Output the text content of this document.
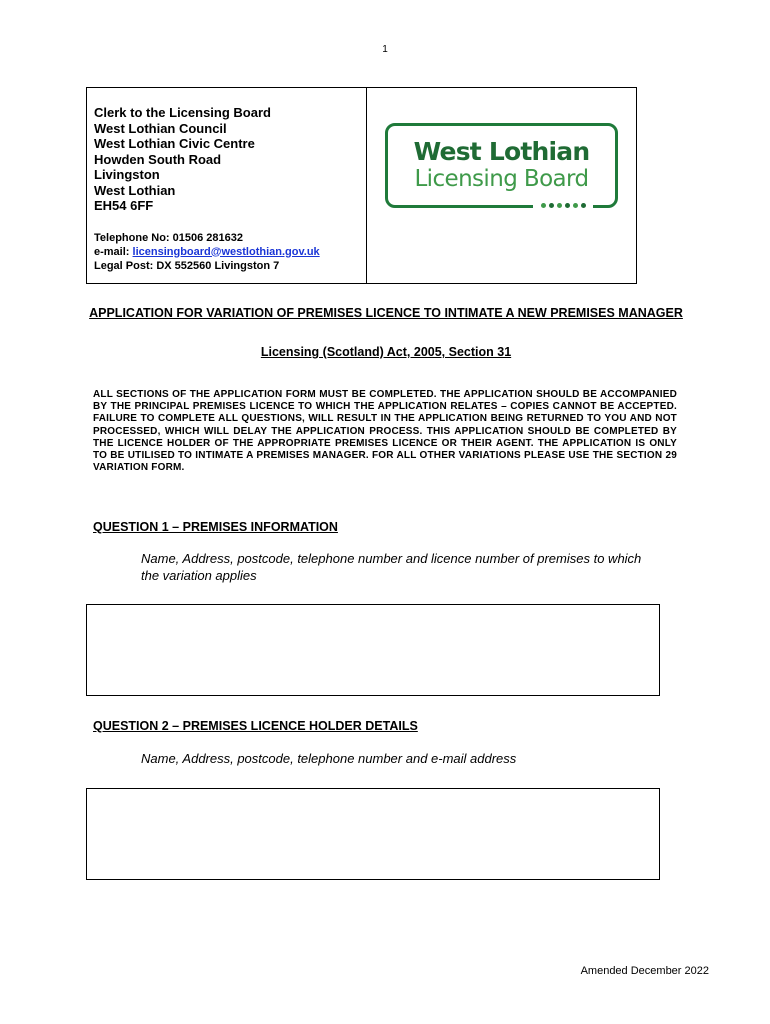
1
Clerk to the Licensing Board
West Lothian Council
West Lothian Civic Centre
Howden South Road
Livingston
West Lothian
EH54 6FF
Telephone No: 01506 281632
e-mail: licensingboard@westlothian.gov.uk
Legal Post: DX 552560 Livingston 7
West Lothian
Licensing Board
APPLICATION FOR VARIATION OF PREMISES LICENCE TO INTIMATE A NEW PREMISES MANAGER
Licensing (Scotland) Act, 2005, Section 31
ALL SECTIONS OF THE APPLICATION FORM MUST BE COMPLETED. THE APPLICATION SHOULD BE ACCOMPANIED BY THE PRINCIPAL PREMISES LICENCE TO WHICH THE APPLICATION RELATES – COPIES CANNOT BE ACCEPTED. FAILURE TO COMPLETE ALL QUESTIONS, WILL RESULT IN THE APPLICATION BEING RETURNED TO YOU AND NOT PROCESSED, WHICH WILL DELAY THE APPLICATION PROCESS. THIS APPLICATION SHOULD BE COMPLETED BY THE LICENCE HOLDER OF THE APPROPRIATE PREMISES LICENCE OR THEIR AGENT. THE APPLICATION IS ONLY TO BE UTILISED TO INTIMATE A PREMISES MANAGER. FOR ALL OTHER VARIATIONS PLEASE USE THE SECTION 29 VARIATION FORM.
QUESTION 1 – PREMISES INFORMATION
Name, Address, postcode, telephone number and licence number of premises to which the variation applies
QUESTION 2 – PREMISES LICENCE HOLDER DETAILS
Name, Address, postcode, telephone number and e-mail address
Amended December 2022
